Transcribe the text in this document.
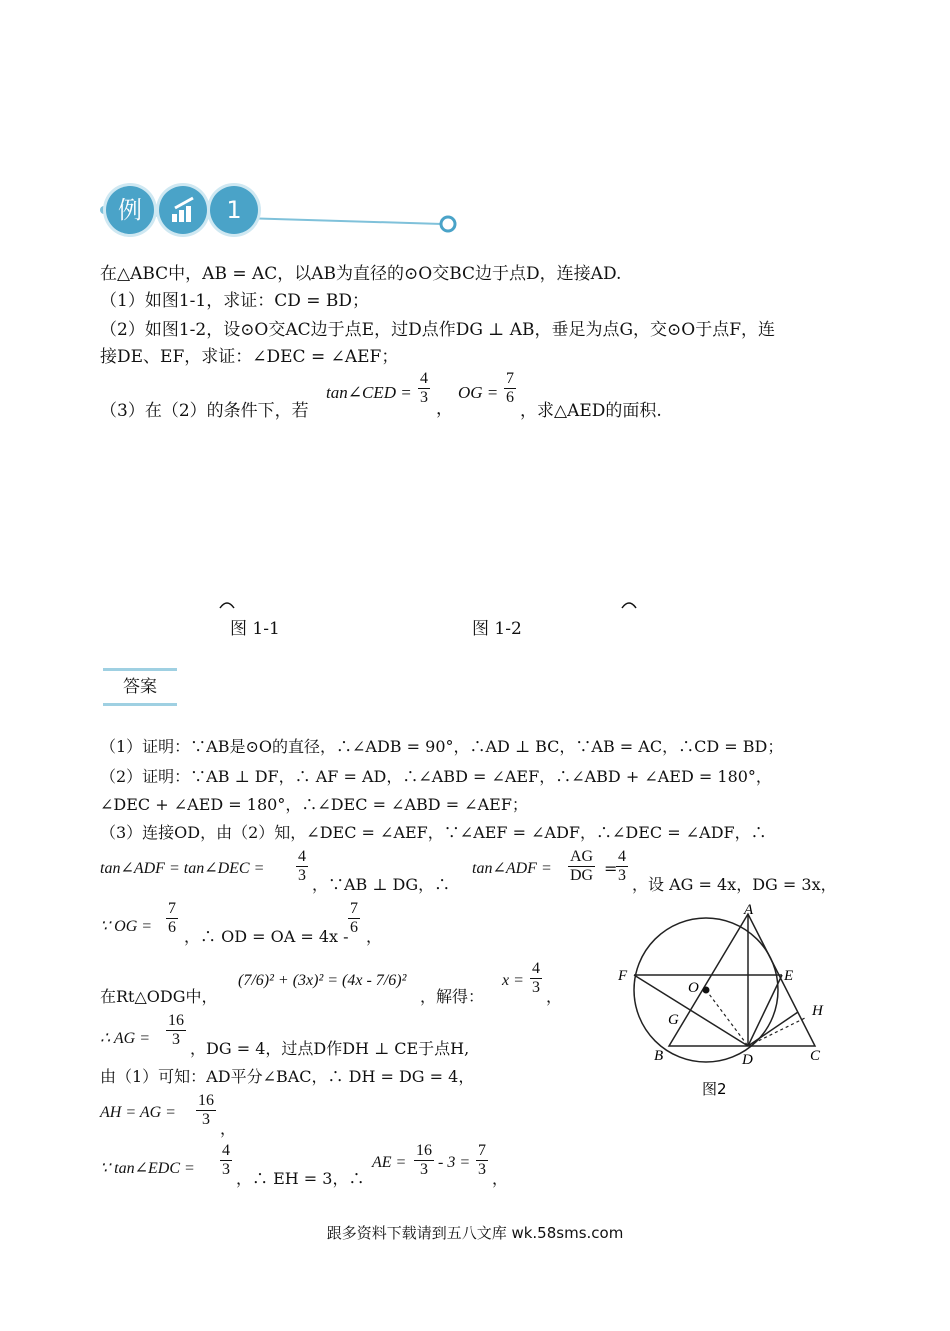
例	1
在△ABC中，AB = AC，以AB为直径的⊙O交BC边于点D，连接AD.
（1）如图1-1，求证：CD = BD；
（2）如图1-2，设⊙O交AC边于点E，过D点作DG ⊥ AB，垂足为点G，交⊙O于点F，连
接DE、EF，求证：∠DEC = ∠AEF；
（3）在（2）的条件下，若
tan∠CED = $\frac{4}{3}$
，
OG = $\frac{7}{6}$
，求△AED的面积.
图 1-1	图 1-2
答案
（1）证明：∵AB是⊙O的直径，∴∠ADB = 90°，∴AD ⊥ BC，∵AB = AC，∴CD = BD；
（2）证明：∵AB ⊥ DF，∴ AF = AD，∴∠ABD = ∠AEF，∴∠ABD + ∠AED = 180°，
∠DEC + ∠AED = 180°，∴∠DEC = ∠ABD = ∠AEF；
（3）连接OD，由（2）知，∠DEC = ∠AEF，∵∠AEF = ∠ADF，∴∠DEC = ∠ADF，∴
tan∠ADF = tan∠DEC = $\frac{4}{3}$ ，∵AB ⊥ DG，∴
tan∠ADF = $\frac{AG}{DG}$ =
$\frac{4}{3}$ ，设 AG = 4x，DG = 3x，
∵ OG = $\frac{7}{6}$ ，∴ OD = OA = $4x - \frac{7}{6}$ ，
在Rt△ODG中，
(7/6)² + (3x)² = (4x - 7/6)²
，解得：
$x = \frac{4}{3}$ ，
∴ AG = $\frac{16}{3}$ ，DG = 4，过点D作DH ⊥ CE于点H,
由（1）可知：AD平分∠BAC，∴ DH = DG = 4，
AH = AG = $\frac{16}{3}$ ，
∵ tan∠EDC = $\frac{4}{3}$ ，∴ EH = 3，∴
AE = $\frac{16}{3} - 3 = \frac{7}{3}$ ，
A
F
O
E
G
H
B	D	C
图2
跟多资料下载请到五八文库 wk.58sms.com
